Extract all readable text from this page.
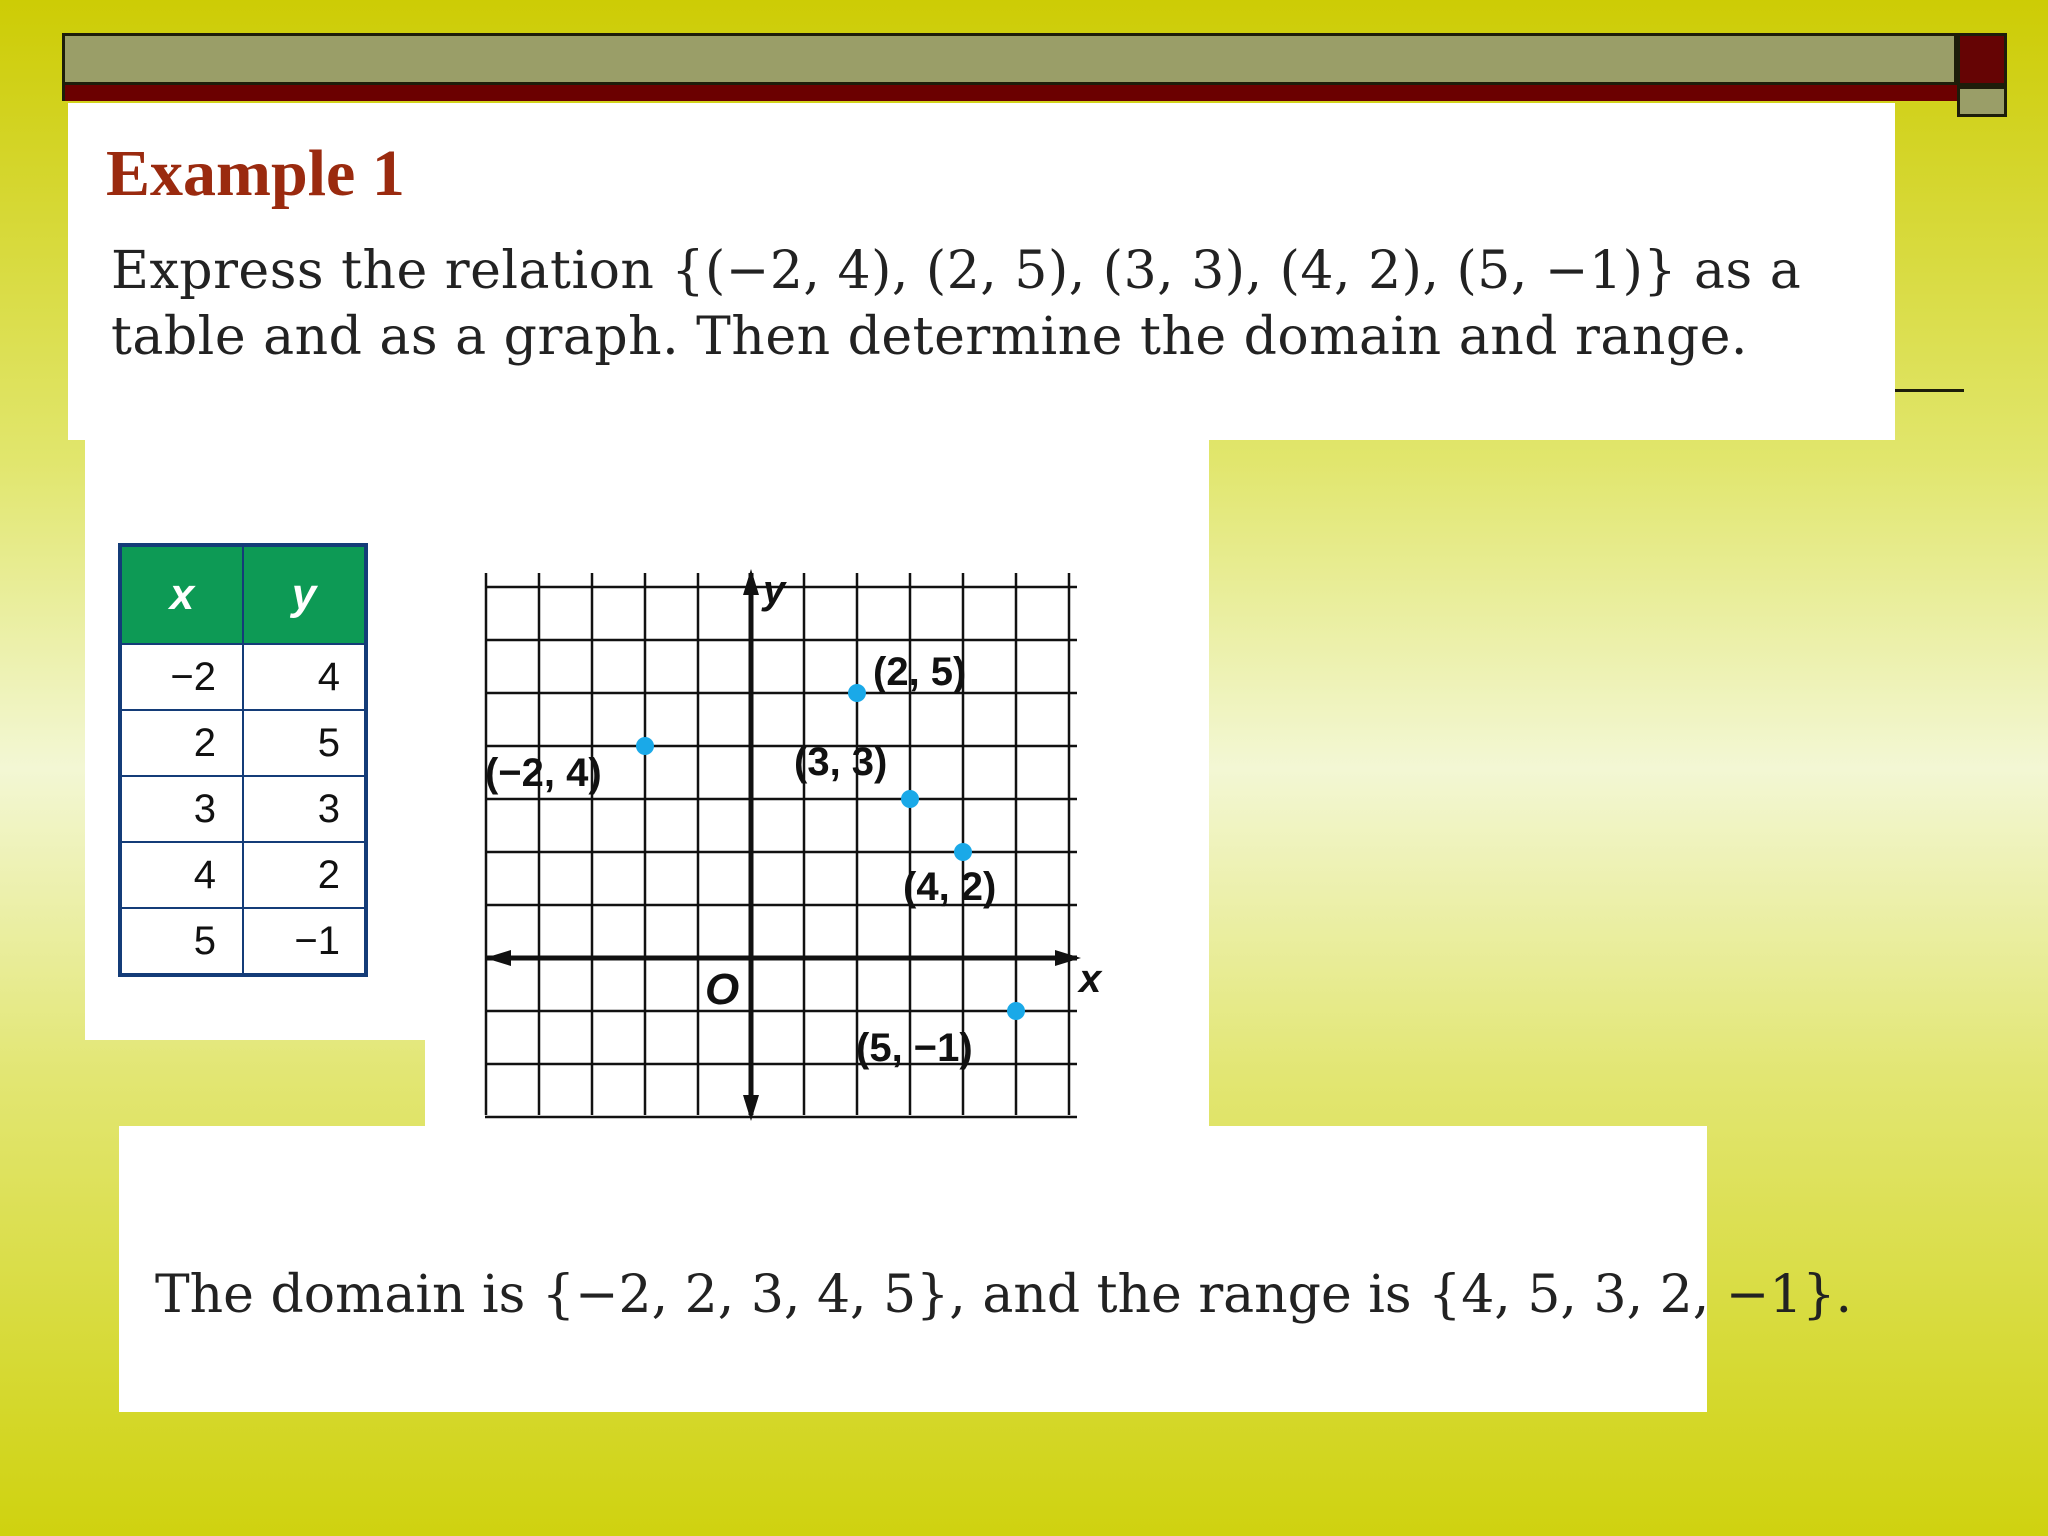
Example 1

Express the relation {(−2, 4), (2, 5), (3, 3), (4, 2), (5, −1)} as a table and as a graph. Then determine the domain and range.

x	y
−2	4
2	5
3	3
4	2
5	−1
x
y
O
(−2, 4)
(2, 5)
(3, 3)
(4, 2)
(5, −1)

The domain is {−2, 2, 3, 4, 5}, and the range is {4, 5, 3, 2, −1}.
